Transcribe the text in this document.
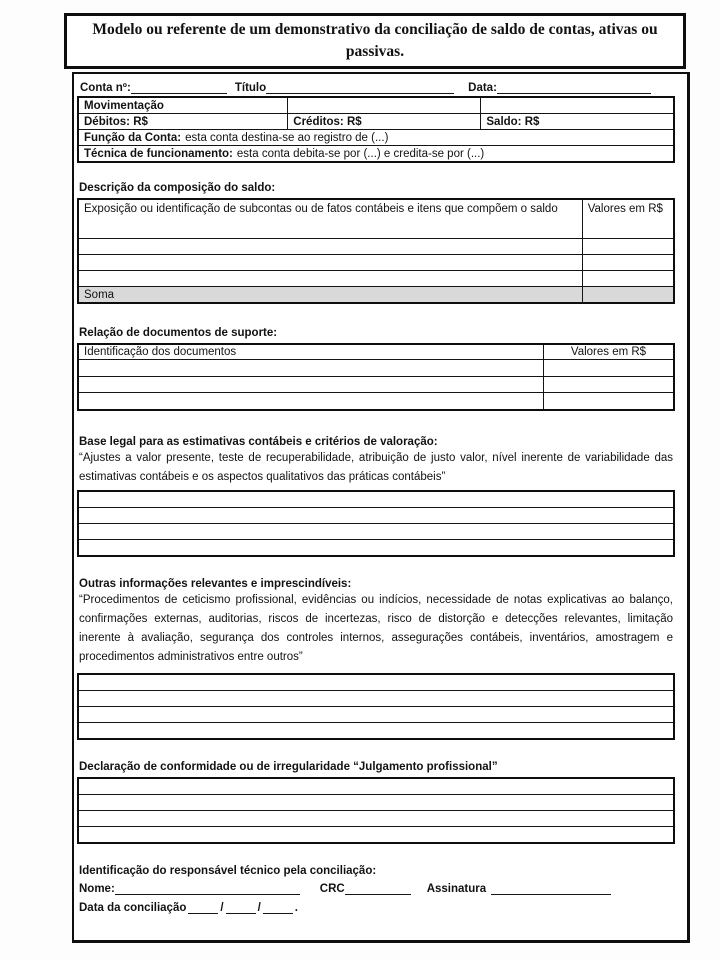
Modelo ou referente de um demonstrativo da conciliação de saldo de contas, ativas ou passivas.
Conta nº:	Título	Data:
Movimentação		
Débitos: R$	Créditos: R$	Saldo: R$
Função da Conta: esta conta destina-se ao registro de (...)		
Técnica de funcionamento: esta conta debita-se por (...) e credita-se por (...)		
Descrição da composição do saldo:
Exposição ou identificação de subcontas ou de fatos contábeis e itens que compõem o saldo	Valores em R$

Soma	
Relação de documentos de suporte:
Identificação dos documentos	Valores em R$

Base legal para as estimativas contábeis e critérios de valoração:
“Ajustes a valor presente, teste de recuperabilidade, atribuição de justo valor, nível inerente de variabilidade das estimativas contábeis e os aspectos qualitativos das práticas contábeis”

Outras informações relevantes e imprescindíveis:
“Procedimentos de ceticismo profissional, evidências ou indícios, necessidade de notas explicativas ao balanço, confirmações externas, auditorias, riscos de incertezas, risco de distorção e detecções relevantes, limitação inerente à avaliação, segurança dos controles internos, assegurações contábeis, inventários, amostragem e procedimentos administrativos entre outros”

Declaração de conformidade ou de irregularidade “Julgamento profissional”

Identificação do responsável técnico pela conciliação:
Nome:	CRC	Assinatura
Data da conciliação	/	/	.
